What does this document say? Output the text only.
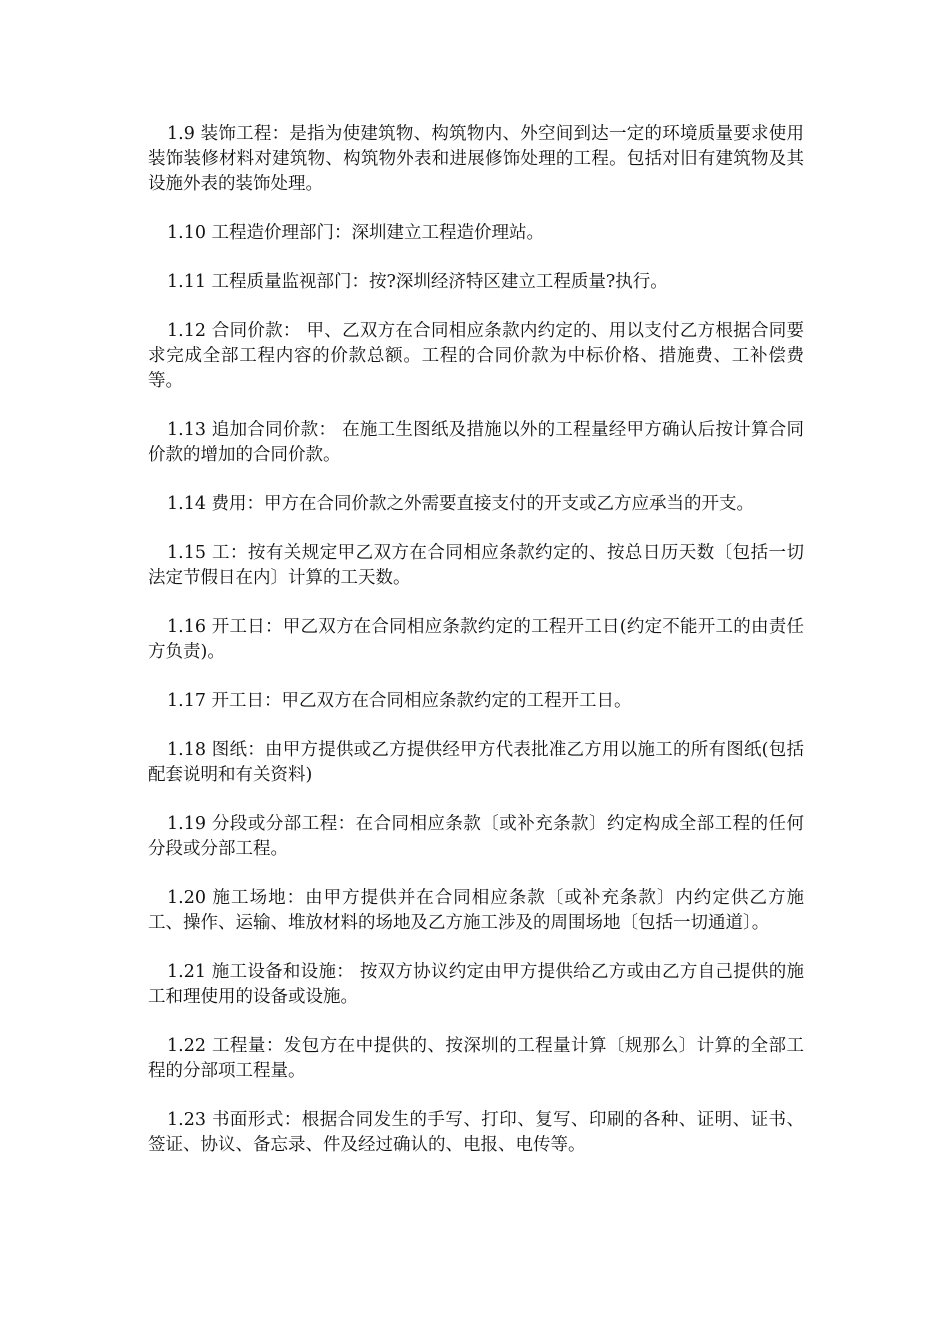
1.9 装饰工程：是指为使建筑物、构筑物内、外空间到达一定的环境质量要求使用装饰装修材料对建筑物、构筑物外表和进展修饰处理的工程。包括对旧有建筑物及其设施外表的装饰处理。

1.10 工程造价理部门：深圳建立工程造价理站。

1.11 工程质量监视部门：按?深圳经济特区建立工程质量?执行。

1.12 合同价款： 甲、乙双方在合同相应条款内约定的、用以支付乙方根据合同要求完成全部工程内容的价款总额。工程的合同价款为中标价格、措施费、工补偿费等。

1.13 追加合同价款： 在施工生图纸及措施以外的工程量经甲方确认后按计算合同价款的增加的合同价款。

1.14 费用：甲方在合同价款之外需要直接支付的开支或乙方应承当的开支。

1.15 工：按有关规定甲乙双方在合同相应条款约定的、按总日历天数〔包括一切法定节假日在内〕计算的工天数。

1.16 开工日：甲乙双方在合同相应条款约定的工程开工日(约定不能开工的由责任方负责)。

1.17 开工日：甲乙双方在合同相应条款约定的工程开工日。

1.18 图纸：由甲方提供或乙方提供经甲方代表批准乙方用以施工的所有图纸(包括配套说明和有关资料)

1.19 分段或分部工程：在合同相应条款〔或补充条款〕约定构成全部工程的任何分段或分部工程。

1.20 施工场地：由甲方提供并在合同相应条款〔或补充条款〕内约定供乙方施工、操作、运输、堆放材料的场地及乙方施工涉及的周围场地〔包括一切通道〕。

1.21 施工设备和设施： 按双方协议约定由甲方提供给乙方或由乙方自己提供的施工和理使用的设备或设施。

1.22 工程量：发包方在中提供的、按深圳的工程量计算〔规那么〕计算的全部工程的分部项工程量。

1.23 书面形式：根据合同发生的手写、打印、复写、印刷的各种、证明、证书、签证、协议、备忘录、件及经过确认的、电报、电传等。
